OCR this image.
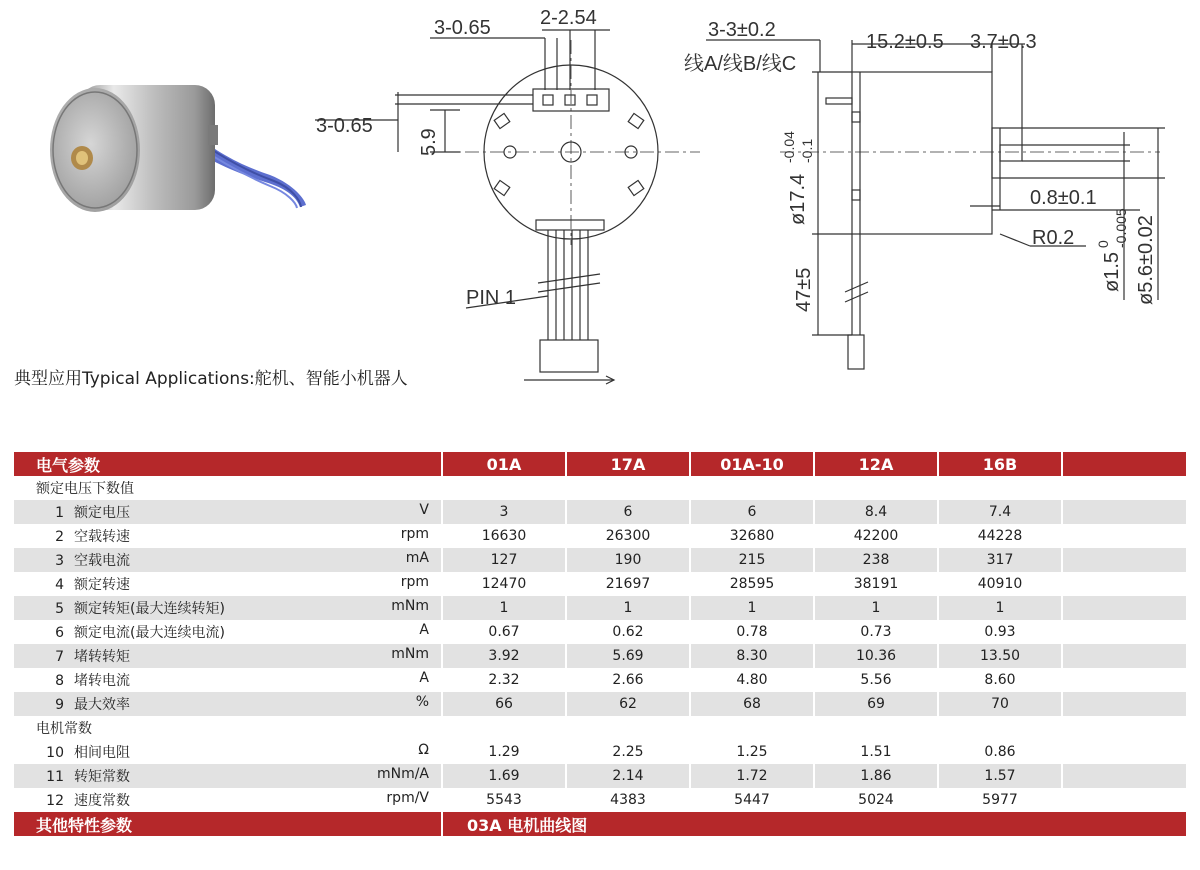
3-0.65 2-2.54
3-0.65
5.9
PIN 1
3-3±0.2
线A/线B/线C
15.2±0.5 3.7±0.3
ø17.4
-0.04 -0.1
47±5
0.8±0.1
R0.2
ø1.5
0 -0.005 ø5.6±0.02
典型应用Typical Applications:舵机、智能小机器人
电气参数	01A	17A	01A-10	12A	16B	
额定电压下数值						
1 额定电压 V	3	6	6	8.4	7.4	
2 空载转速 rpm	16630	26300	32680	42200	44228	
3 空载电流 mA	127	190	215	238	317	
4 额定转速 rpm	12470	21697	28595	38191	40910	
5 额定转矩(最大连续转矩) mNm	1	1	1	1	1	
6 额定电流(最大连续电流) A	0.67	0.62	0.78	0.73	0.93	
7 堵转转矩 mNm	3.92	5.69	8.30	10.36	13.50	
8 堵转电流 A	2.32	2.66	4.80	5.56	8.60	
9 最大效率 %	66	62	68	69	70	
电机常数						
10 相间电阻 Ω	1.29	2.25	1.25	1.51	0.86	
11 转矩常数 mNm/A	1.69	2.14	1.72	1.86	1.57	
12 速度常数 rpm/V	5543	4383	5447	5024	5977	
其他特性参数	03A 电机曲线图					
